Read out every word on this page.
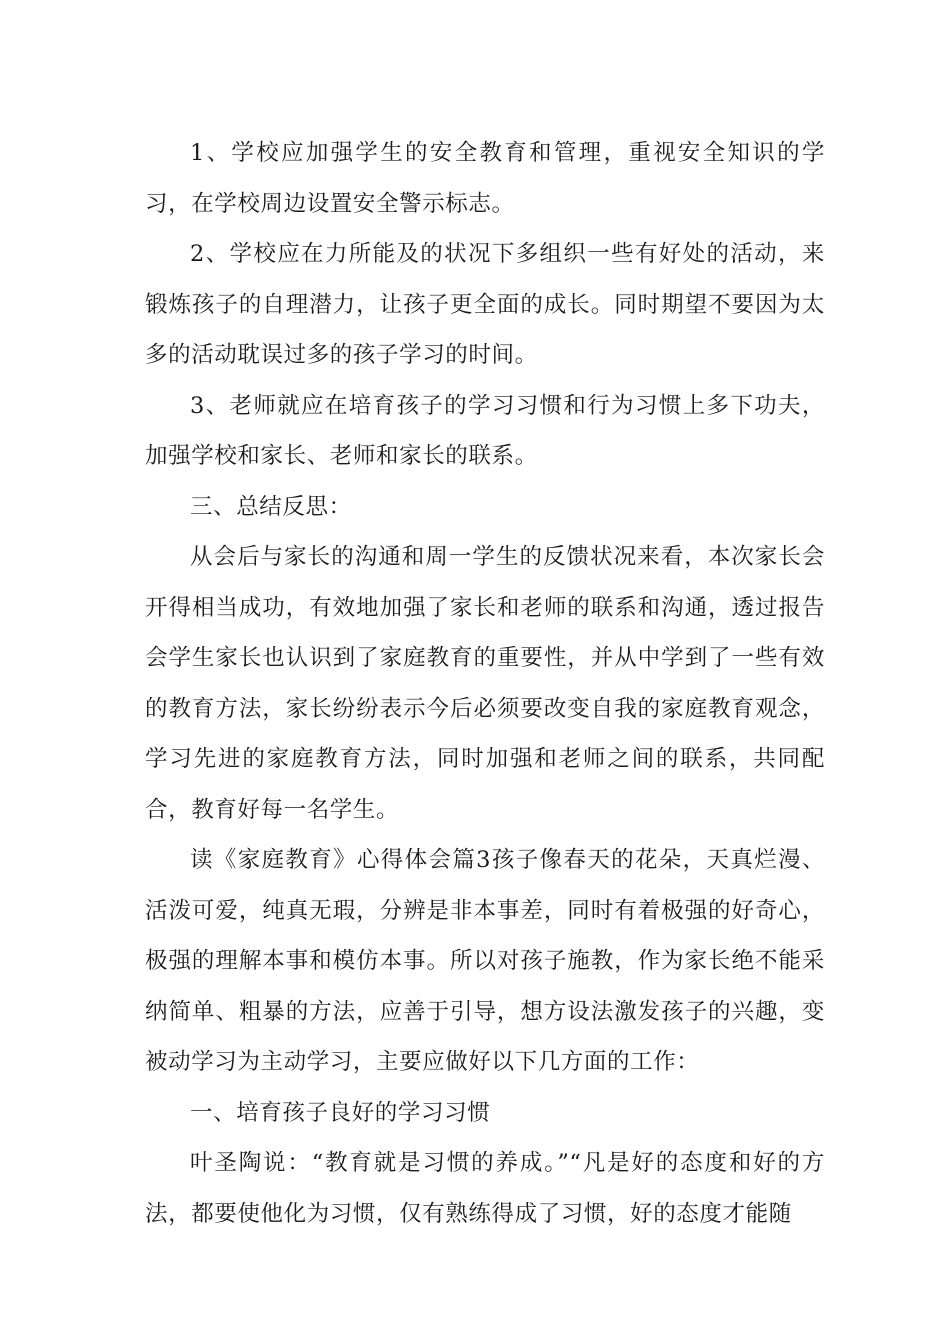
1、学校应加强学生的安全教育和管理，重视安全知识的学习，在学校周边设置安全警示标志。

2、学校应在力所能及的状况下多组织一些有好处的活动，来锻炼孩子的自理潜力，让孩子更全面的成长。同时期望不要因为太多的活动耽误过多的孩子学习的时间。

3、老师就应在培育孩子的学习习惯和行为习惯上多下功夫，加强学校和家长、老师和家长的联系。

三、总结反思：

从会后与家长的沟通和周一学生的反馈状况来看，本次家长会开得相当成功，有效地加强了家长和老师的联系和沟通，透过报告会学生家长也认识到了家庭教育的重要性，并从中学到了一些有效的教育方法，家长纷纷表示今后必须要改变自我的家庭教育观念，学习先进的家庭教育方法，同时加强和老师之间的联系，共同配合，教育好每一名学生。

读《家庭教育》心得体会篇3孩子像春天的花朵，天真烂漫、活泼可爱，纯真无瑕，分辨是非本事差，同时有着极强的好奇心，极强的理解本事和模仿本事。所以对孩子施教，作为家长绝不能采纳简单、粗暴的方法，应善于引导，想方设法激发孩子的兴趣，变被动学习为主动学习，主要应做好以下几方面的工作：

一、培育孩子良好的学习习惯

叶圣陶说：“教育就是习惯的养成。”“凡是好的态度和好的方法，都要使他化为习惯，仅有熟练得成了习惯，好的态度才能随
